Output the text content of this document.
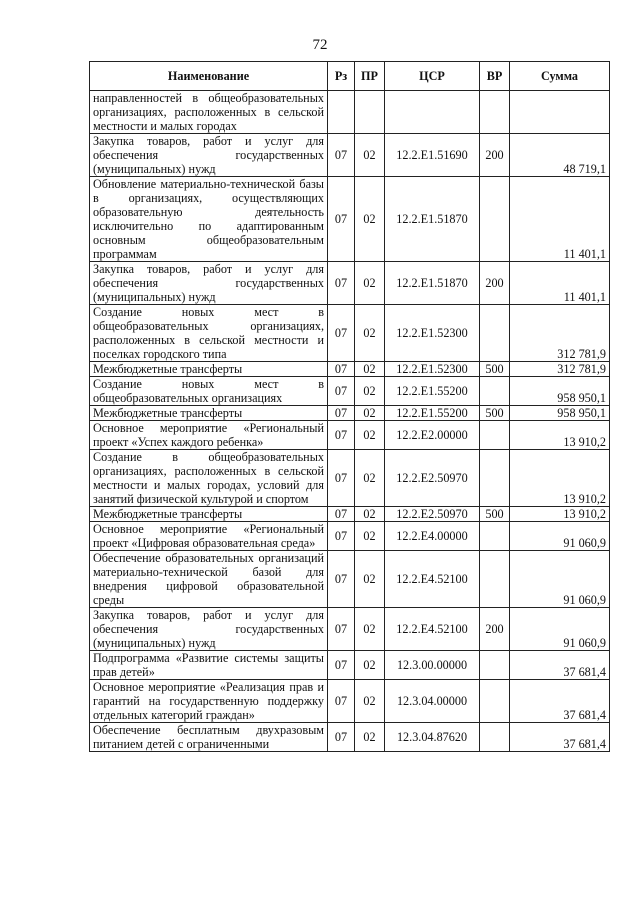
72
Наименование	Рз	ПР	ЦСР	ВР	Сумма
направленностей в общеобразовательных организациях, расположенных в сельской местности и малых городах					
Закупка товаров, работ и услуг для обеспечения государственных (муниципальных) нужд	07	02	12.2.E1.51690	200	48 719,1
Обновление материально-технической базы в организациях, осуществляющих образовательную деятельность исключительно по адаптированным основным общеобразовательным программам	07	02	12.2.E1.51870		11 401,1
Закупка товаров, работ и услуг для обеспечения государственных (муниципальных) нужд	07	02	12.2.E1.51870	200	11 401,1
Создание новых мест в общеобразовательных организациях, расположенных в сельской местности и поселках городского типа	07	02	12.2.E1.52300		312 781,9
Межбюджетные трансферты	07	02	12.2.E1.52300	500	312 781,9
Создание новых мест в общеобразовательных организациях	07	02	12.2.E1.55200		958 950,1
Межбюджетные трансферты	07	02	12.2.E1.55200	500	958 950,1
Основное мероприятие «Региональный проект «Успех каждого ребенка»	07	02	12.2.E2.00000		13 910,2
Создание в общеобразовательных организациях, расположенных в сельской местности и малых городах, условий для занятий физической культурой и спортом	07	02	12.2.E2.50970		13 910,2
Межбюджетные трансферты	07	02	12.2.E2.50970	500	13 910,2
Основное мероприятие «Региональный проект «Цифровая образовательная среда»	07	02	12.2.E4.00000		91 060,9
Обеспечение образовательных организаций материально-технической базой для внедрения цифровой образовательной среды	07	02	12.2.E4.52100		91 060,9
Закупка товаров, работ и услуг для обеспечения государственных (муниципальных) нужд	07	02	12.2.E4.52100	200	91 060,9
Подпрограмма «Развитие системы защиты прав детей»	07	02	12.3.00.00000		37 681,4
Основное мероприятие «Реализация прав и гарантий на государственную поддержку отдельных категорий граждан»	07	02	12.3.04.00000		37 681,4
Обеспечение бесплатным двухразовым питанием детей с ограниченными	07	02	12.3.04.87620		37 681,4
